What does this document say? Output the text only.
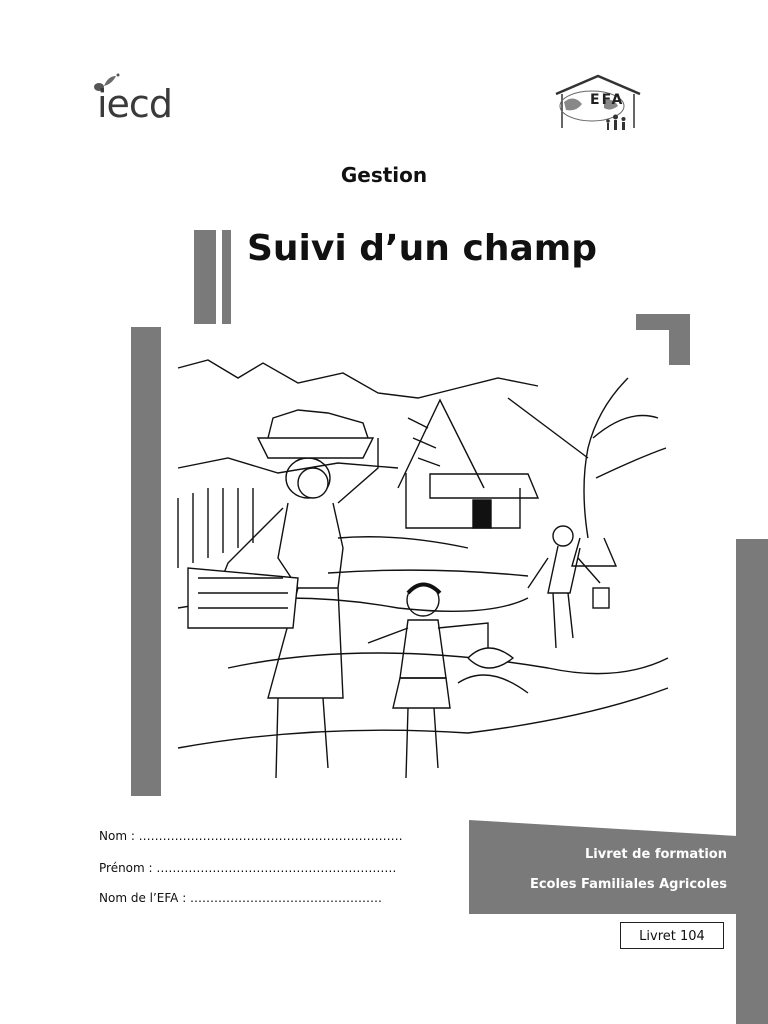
iecd	EFA
Gestion
Suivi d’un champ
Nom : …………………………………………………………
Prénom : ……………………………………………………
Nom de l’EFA : …………………………………………
Livret de formation
Ecoles Familiales Agricoles
Livret 104
